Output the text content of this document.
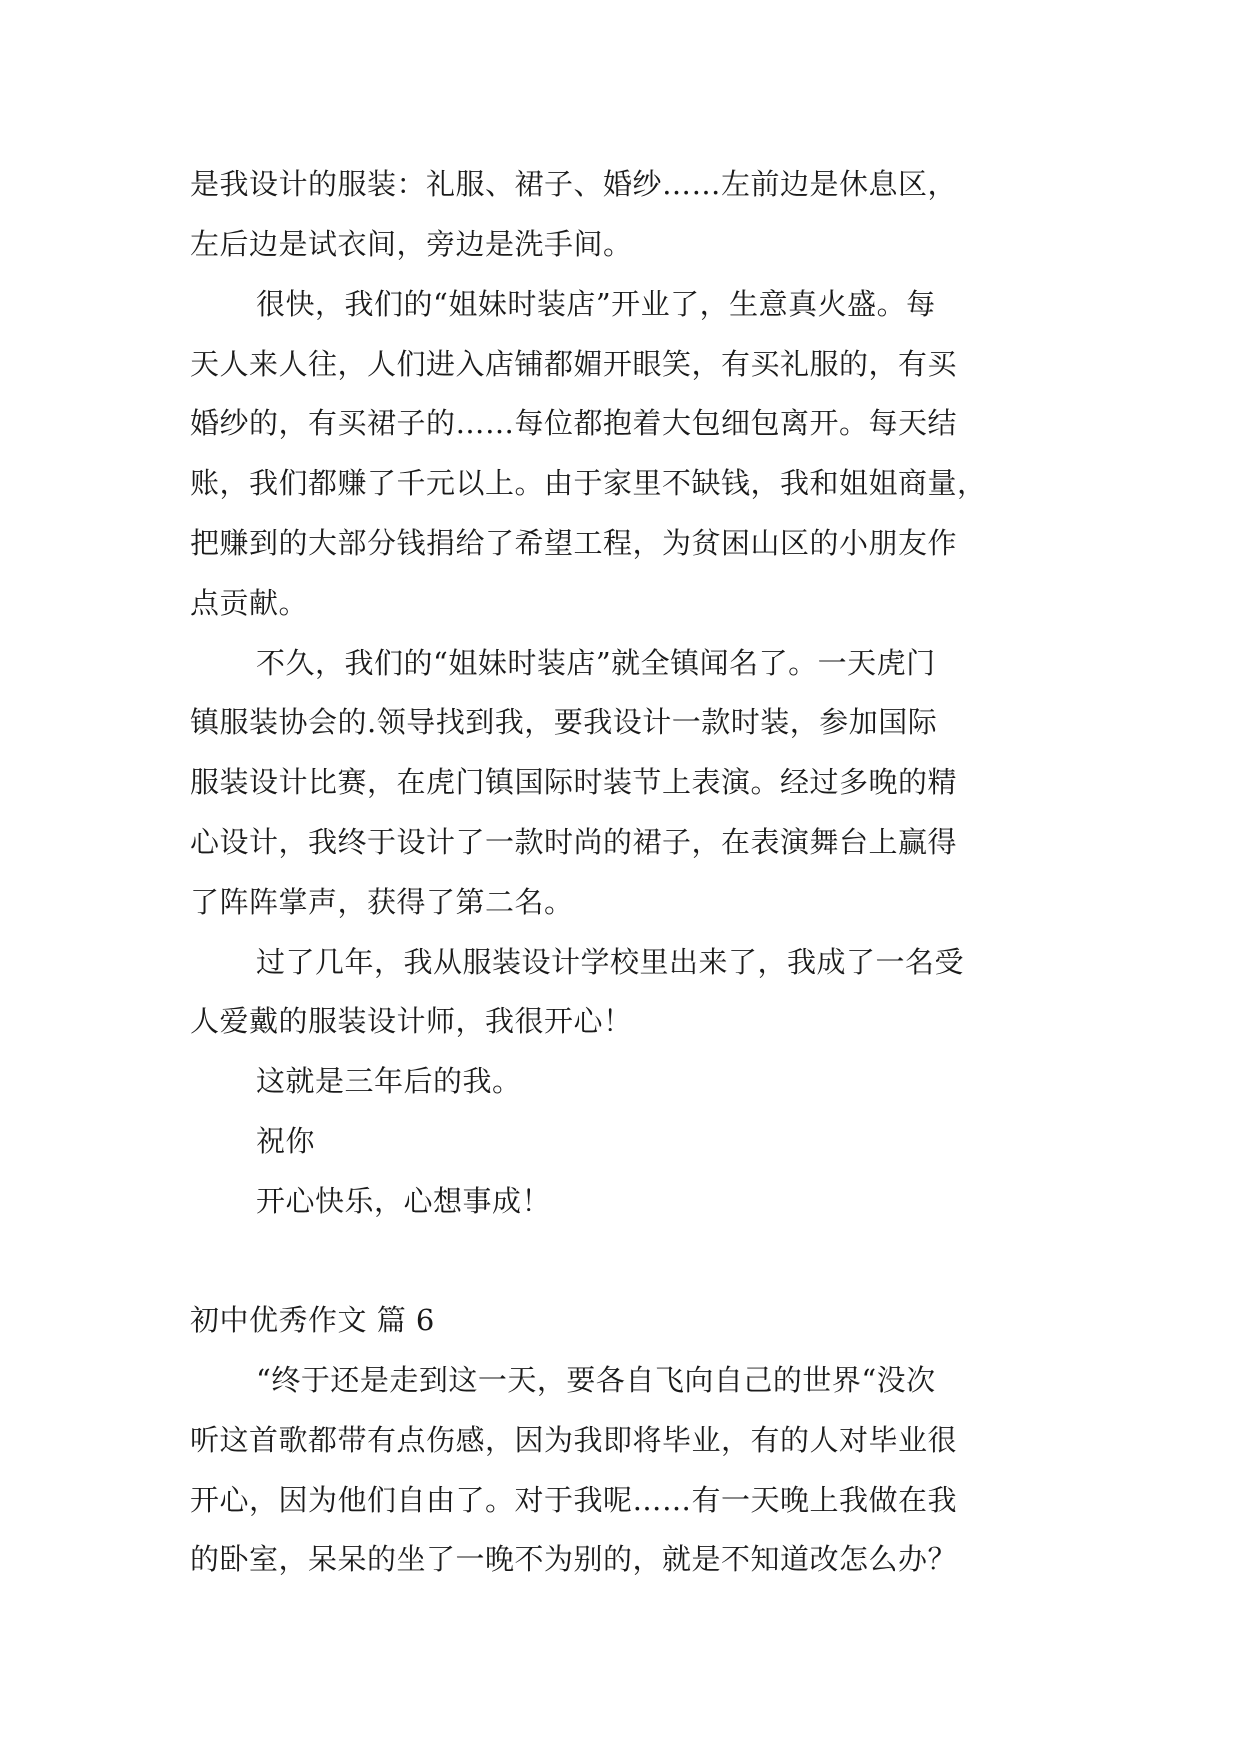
是我设计的服装：礼服、裙子、婚纱……左前边是休息区，
左后边是试衣间，旁边是洗手间。
很快，我们的“姐妹时装店”开业了，生意真火盛。每
天人来人往，人们进入店铺都媚开眼笑，有买礼服的，有买
婚纱的，有买裙子的……每位都抱着大包细包离开。每天结
账，我们都赚了千元以上。由于家里不缺钱，我和姐姐商量，
把赚到的大部分钱捐给了希望工程，为贫困山区的小朋友作
点贡献。
不久，我们的“姐妹时装店”就全镇闻名了。一天虎门
镇服装协会的.领导找到我，要我设计一款时装，参加国际
服装设计比赛，在虎门镇国际时装节上表演。经过多晚的精
心设计，我终于设计了一款时尚的裙子，在表演舞台上赢得
了阵阵掌声，获得了第二名。
过了几年，我从服装设计学校里出来了，我成了一名受
人爱戴的服装设计师，我很开心！
这就是三年后的我。
祝你
开心快乐，心想事成！
初中优秀作文 篇 6
“终于还是走到这一天，要各自飞向自己的世界“没次
听这首歌都带有点伤感，因为我即将毕业，有的人对毕业很
开心，因为他们自由了。对于我呢……有一天晚上我做在我
的卧室，呆呆的坐了一晚不为别的，就是不知道改怎么办？
